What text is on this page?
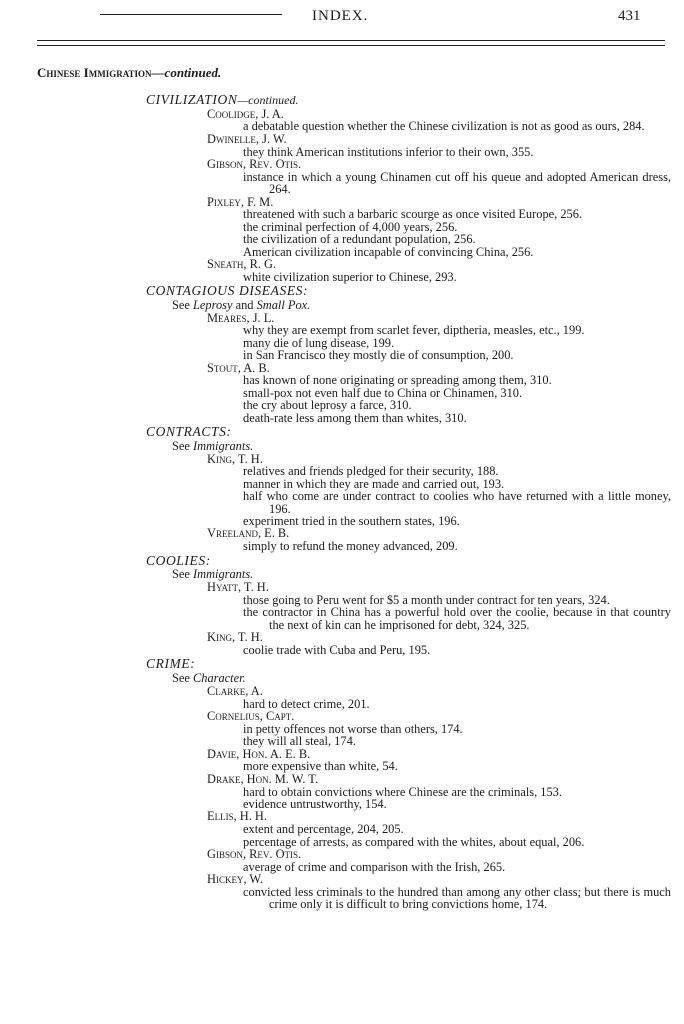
INDEX.	431
Chinese Immigration—continued.
CIVILIZATION—continued.
Coolidge, J. A.
a debatable question whether the Chinese civilization is not as good as ours, 284.
Dwinelle, J. W.
they think American institutions inferior to their own, 355.
Gibson, Rev. Otis.
instance in which a young Chinamen cut off his queue and adopted American dress, 264.
Pixley, F. M.
threatened with such a barbaric scourge as once visited Europe, 256.
the criminal perfection of 4,000 years, 256.
the civilization of a redundant population, 256.
American civilization incapable of convincing China, 256.
Sneath, R. G.
white civilization superior to Chinese, 293.
CONTAGIOUS DISEASES:
See Leprosy and Small Pox.
Meares, J. L.
why they are exempt from scarlet fever, diptheria, measles, etc., 199.
many die of lung disease, 199.
in San Francisco they mostly die of consumption, 200.
Stout, A. B.
has known of none originating or spreading among them, 310.
small-pox not even half due to China or Chinamen, 310.
the cry about leprosy a farce, 310.
death-rate less among them than whites, 310.
CONTRACTS:
See Immigrants.
King, T. H.
relatives and friends pledged for their security, 188.
manner in which they are made and carried out, 193.
half who come are under contract to coolies who have returned with a little money, 196.
experiment tried in the southern states, 196.
Vreeland, E. B.
simply to refund the money advanced, 209.
COOLIES:
See Immigrants.
Hyatt, T. H.
those going to Peru went for $5 a month under contract for ten years, 324.
the contractor in China has a powerful hold over the coolie, because in that country the next of kin can he imprisoned for debt, 324, 325.
King, T. H.
coolie trade with Cuba and Peru, 195.
CRIME:
See Character.
Clarke, A.
hard to detect crime, 201.
Cornelius, Capt.
in petty offences not worse than others, 174.
they will all steal, 174.
Davie, Hon. A. E. B.
more expensive than white, 54.
Drake, Hon. M. W. T.
hard to obtain convictions where Chinese are the criminals, 153.
evidence untrustworthy, 154.
Ellis, H. H.
extent and percentage, 204, 205.
percentage of arrests, as compared with the whites, about equal, 206.
Gibson, Rev. Otis.
average of crime and comparison with the Irish, 265.
Hickey, W.
convicted less criminals to the hundred than among any other class; but there is much crime only it is difficult to bring convictions home, 174.
